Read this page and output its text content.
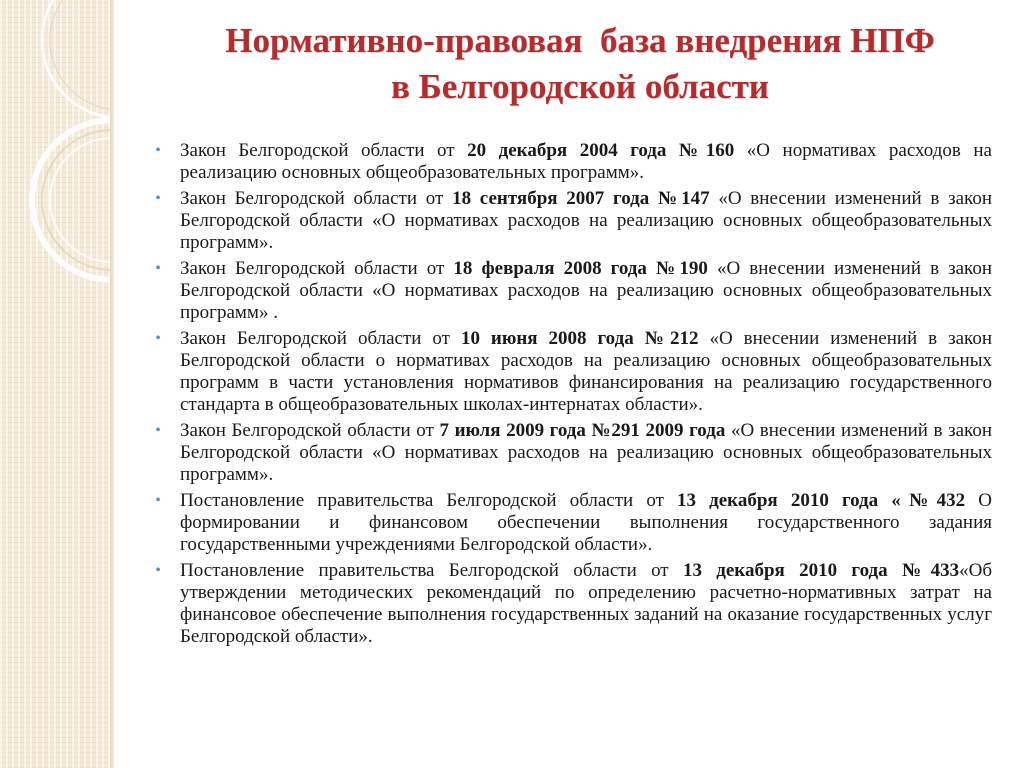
Нормативно-правовая  база внедрения НПФ
в Белгородской области
• Закон Белгородской области от 20 декабря 2004 года №160 «О нормативах расходов на реализацию основных общеобразовательных программ».
• Закон Белгородской области от 18 сентября 2007 года №147 «О внесении изменений в закон Белгородской области «О нормативах расходов на реализацию основных общеобразовательных программ».
• Закон Белгородской области от 18 февраля 2008 года №190 «О внесении изменений в закон Белгородской области «О нормативах расходов на реализацию основных общеобразовательных программ» .
• Закон Белгородской области от 10 июня 2008 года №212 «О внесении изменений в закон Белгородской области о нормативах расходов на реализацию основных общеобразовательных программ в части установления нормативов финансирования на реализацию государственного стандарта в общеобразовательных школах-интернатах области».
• Закон Белгородской области от 7 июля 2009 года №291 2009 года «О внесении изменений в закон Белгородской области «О нормативах расходов на реализацию основных общеобразовательных программ».
• Постановление правительства Белгородской области от 13 декабря 2010 года «№432 О формировании и финансовом обеспечении выполнения государственного задания государственными учреждениями Белгородской области».
• Постановление правительства Белгородской области от 13 декабря 2010 года №433«Об утверждении методических рекомендаций по определению расчетно-нормативных затрат на финансовое обеспечение выполнения государственных заданий на оказание государственных услуг Белгородской области».
